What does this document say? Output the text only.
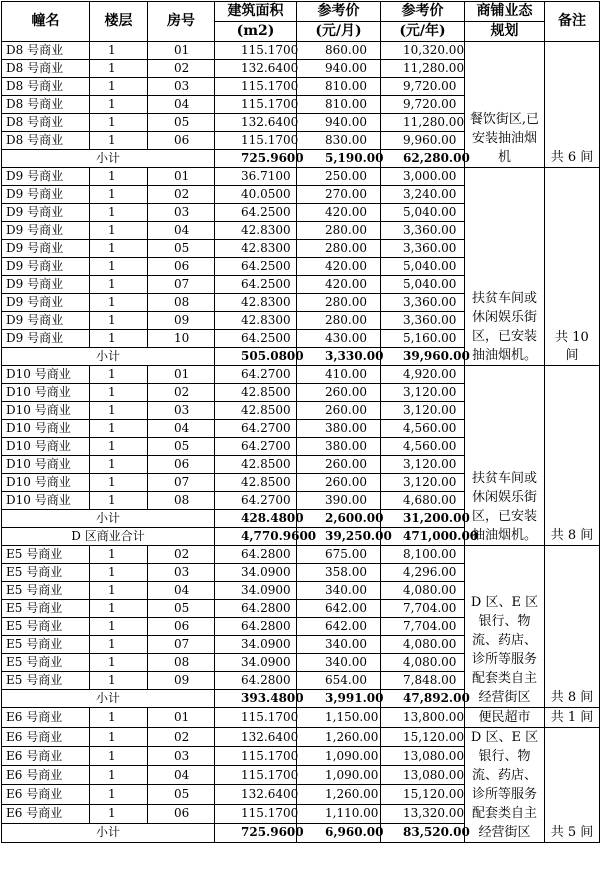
幢名	楼层	房号	建筑面积	参考价	参考价	商铺业态	备注
			(m2)	(元/月)	(元/年)	规划	
D8 号商业	1	01	115.1700	860.00	10,320.00	餐饮街区,已安装抽油烟机	共 6 间
D8 号商业	1	02	132.6400	940.00	11,280.00		
D8 号商业	1	03	115.1700	810.00	9,720.00		
D8 号商业	1	04	115.1700	810.00	9,720.00		
D8 号商业	1	05	132.6400	940.00	11,280.00		
D8 号商业	1	06	115.1700	830.00	9,960.00		
小计			725.9600	5,190.00	62,280.00		
D9 号商业	1	01	36.7100	250.00	3,000.00	扶贫车间或休闲娱乐街区，已安装抽油烟机。	共 10 间
D9 号商业	1	02	40.0500	270.00	3,240.00		
D9 号商业	1	03	64.2500	420.00	5,040.00		
D9 号商业	1	04	42.8300	280.00	3,360.00		
D9 号商业	1	05	42.8300	280.00	3,360.00		
D9 号商业	1	06	64.2500	420.00	5,040.00		
D9 号商业	1	07	64.2500	420.00	5,040.00		
D9 号商业	1	08	42.8300	280.00	3,360.00		
D9 号商业	1	09	42.8300	280.00	3,360.00		
D9 号商业	1	10	64.2500	430.00	5,160.00		
小计			505.0800	3,330.00	39,960.00		
D10 号商业	1	01	64.2700	410.00	4,920.00	扶贫车间或休闲娱乐街区，已安装抽油烟机。	共 8 间
D10 号商业	1	02	42.8500	260.00	3,120.00		
D10 号商业	1	03	42.8500	260.00	3,120.00		
D10 号商业	1	04	64.2700	380.00	4,560.00		
D10 号商业	1	05	64.2700	380.00	4,560.00		
D10 号商业	1	06	42.8500	260.00	3,120.00		
D10 号商业	1	07	42.8500	260.00	3,120.00		
D10 号商业	1	08	64.2700	390.00	4,680.00		
小计			428.4800	2,600.00	31,200.00		
D 区商业合计			4,770.9600	39,250.00	471,000.00		
E5 号商业	1	02	64.2800	675.00	8,100.00	D 区、E 区银行、物流、药店、诊所等服务配套类自主经营街区	共 8 间
E5 号商业	1	03	34.0900	358.00	4,296.00		
E5 号商业	1	04	34.0900	340.00	4,080.00		
E5 号商业	1	05	64.2800	642.00	7,704.00		
E5 号商业	1	06	64.2800	642.00	7,704.00		
E5 号商业	1	07	34.0900	340.00	4,080.00		
E5 号商业	1	08	34.0900	340.00	4,080.00		
E5 号商业	1	09	64.2800	654.00	7,848.00		
小计			393.4800	3,991.00	47,892.00		
E6 号商业	1	01	115.1700	1,150.00	13,800.00	便民超市	共 1 间
E6 号商业	1	02	132.6400	1,260.00	15,120.00	D 区、E 区银行、物流、药店、诊所等服务配套类自主经营街区	共 5 间
E6 号商业	1	03	115.1700	1,090.00	13,080.00		
E6 号商业	1	04	115.1700	1,090.00	13,080.00		
E6 号商业	1	05	132.6400	1,260.00	15,120.00		
E6 号商业	1	06	115.1700	1,110.00	13,320.00		
小计			725.9600	6,960.00	83,520.00		
